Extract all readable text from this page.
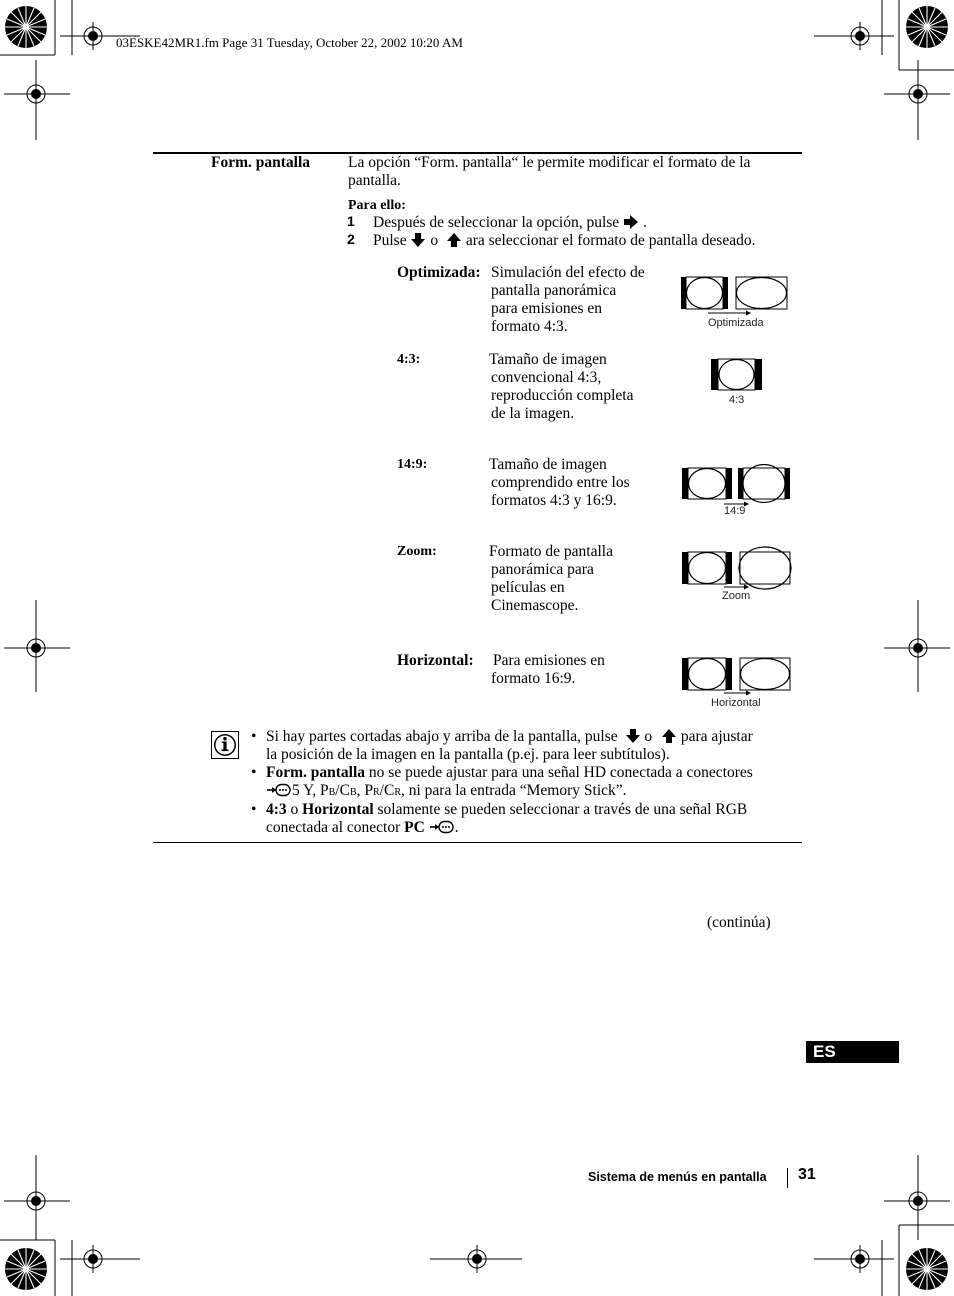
03ESKE42MR1.fm Page 31 Tuesday, October 22, 2002 10:20 AM
Form. pantalla La opción “Form. pantalla“ le permite modificar el formato de la
pantalla.
Para ello:
1 Después de seleccionar la opción, pulse .
2 Pulse o ara seleccionar el formato de pantalla deseado.
Optimizada: Simulación del efecto de
pantalla panorámica
para emisiones en
formato 4:3.	Optimizada
4:3:	Tamaño de imagen
convencional 4:3,
reproducción completa
de la imagen.
4:3
14:9:	Tamaño de imagen
comprendido entre los
formatos 4:3 y 16:9.
14:9
Zoom:	Formato de pantalla
panorámica para
películas en
Cinemascope.
Zoom
Horizontal: Para emisiones en
formato 16:9.
Horizontal
• Si hay partes cortadas abajo y arriba de la pantalla, pulse o para ajustar
la posición de la imagen en la pantalla (p.ej. para leer subtítulos).
• Form. pantalla no se puede ajustar para una señal HD conectada a conectores
5 Y, PB/CB, PR/CR, ni para la entrada “Memory Stick”.
• 4:3 o Horizontal solamente se pueden seleccionar a través de una señal RGB
conectada al conector PC .
(continúa)
ES
Sistema de menús en pantalla 31
